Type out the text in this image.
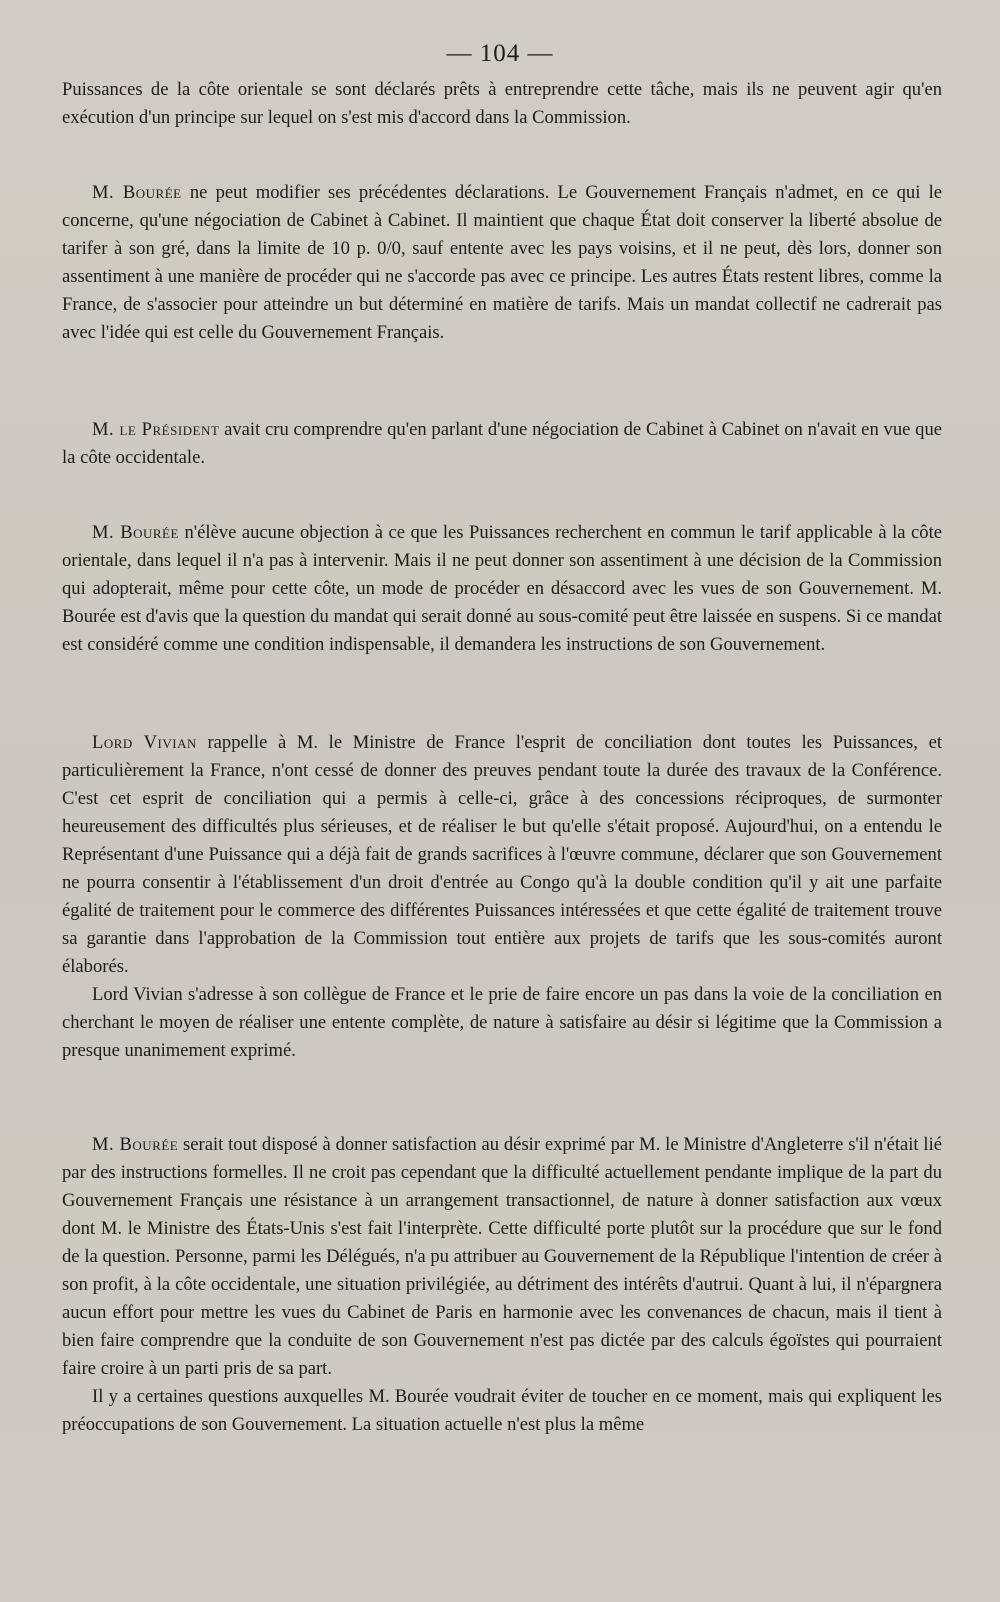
— 104 —

Puissances de la côte orientale se sont déclarés prêts à entreprendre cette tâche, mais ils ne peuvent agir qu'en exécution d'un principe sur lequel on s'est mis d'accord dans la Commission.

M. Bourée ne peut modifier ses précédentes déclarations. Le Gouvernement Français n'admet, en ce qui le concerne, qu'une négociation de Cabinet à Cabinet. Il maintient que chaque État doit conserver la liberté absolue de tarifer à son gré, dans la limite de 10 p. 0/0, sauf entente avec les pays voisins, et il ne peut, dès lors, donner son assentiment à une manière de procéder qui ne s'accorde pas avec ce principe. Les autres États restent libres, comme la France, de s'associer pour atteindre un but déterminé en matière de tarifs. Mais un mandat collectif ne cadrerait pas avec l'idée qui est celle du Gouvernement Français.

M. le Président avait cru comprendre qu'en parlant d'une négociation de Cabinet à Cabinet on n'avait en vue que la côte occidentale.

M. Bourée n'élève aucune objection à ce que les Puissances recherchent en commun le tarif applicable à la côte orientale, dans lequel il n'a pas à intervenir. Mais il ne peut donner son assentiment à une décision de la Commission qui adopterait, même pour cette côte, un mode de procéder en désaccord avec les vues de son Gouvernement. M. Bourée est d'avis que la question du mandat qui serait donné au sous-comité peut être laissée en suspens. Si ce mandat est considéré comme une condition indispensable, il demandera les instructions de son Gouvernement.

Lord Vivian rappelle à M. le Ministre de France l'esprit de conciliation dont toutes les Puissances, et particulièrement la France, n'ont cessé de donner des preuves pendant toute la durée des travaux de la Conférence. C'est cet esprit de conciliation qui a permis à celle-ci, grâce à des concessions réciproques, de surmonter heureusement des difficultés plus sérieuses, et de réaliser le but qu'elle s'était proposé. Aujourd'hui, on a entendu le Représentant d'une Puissance qui a déjà fait de grands sacrifices à l'œuvre commune, déclarer que son Gouvernement ne pourra consentir à l'établissement d'un droit d'entrée au Congo qu'à la double condition qu'il y ait une parfaite égalité de traitement pour le commerce des différentes Puissances intéressées et que cette égalité de traitement trouve sa garantie dans l'approbation de la Commission tout entière aux projets de tarifs que les sous-comités auront élaborés.

Lord Vivian s'adresse à son collègue de France et le prie de faire encore un pas dans la voie de la conciliation en cherchant le moyen de réaliser une entente complète, de nature à satisfaire au désir si légitime que la Commission a presque unanimement exprimé.

M. Bourée serait tout disposé à donner satisfaction au désir exprimé par M. le Ministre d'Angleterre s'il n'était lié par des instructions formelles. Il ne croit pas cependant que la difficulté actuellement pendante implique de la part du Gouvernement Français une résistance à un arrangement transactionnel, de nature à donner satisfaction aux vœux dont M. le Ministre des États-Unis s'est fait l'interprète. Cette difficulté porte plutôt sur la procédure que sur le fond de la question. Personne, parmi les Délégués, n'a pu attribuer au Gouvernement de la République l'intention de créer à son profit, à la côte occidentale, une situation privilégiée, au détriment des intérêts d'autrui. Quant à lui, il n'épargnera aucun effort pour mettre les vues du Cabinet de Paris en harmonie avec les convenances de chacun, mais il tient à bien faire comprendre que la conduite de son Gouvernement n'est pas dictée par des calculs égoïstes qui pourraient faire croire à un parti pris de sa part.

Il y a certaines questions auxquelles M. Bourée voudrait éviter de toucher en ce moment, mais qui expliquent les préoccupations de son Gouvernement. La situation actuelle n'est plus la même
